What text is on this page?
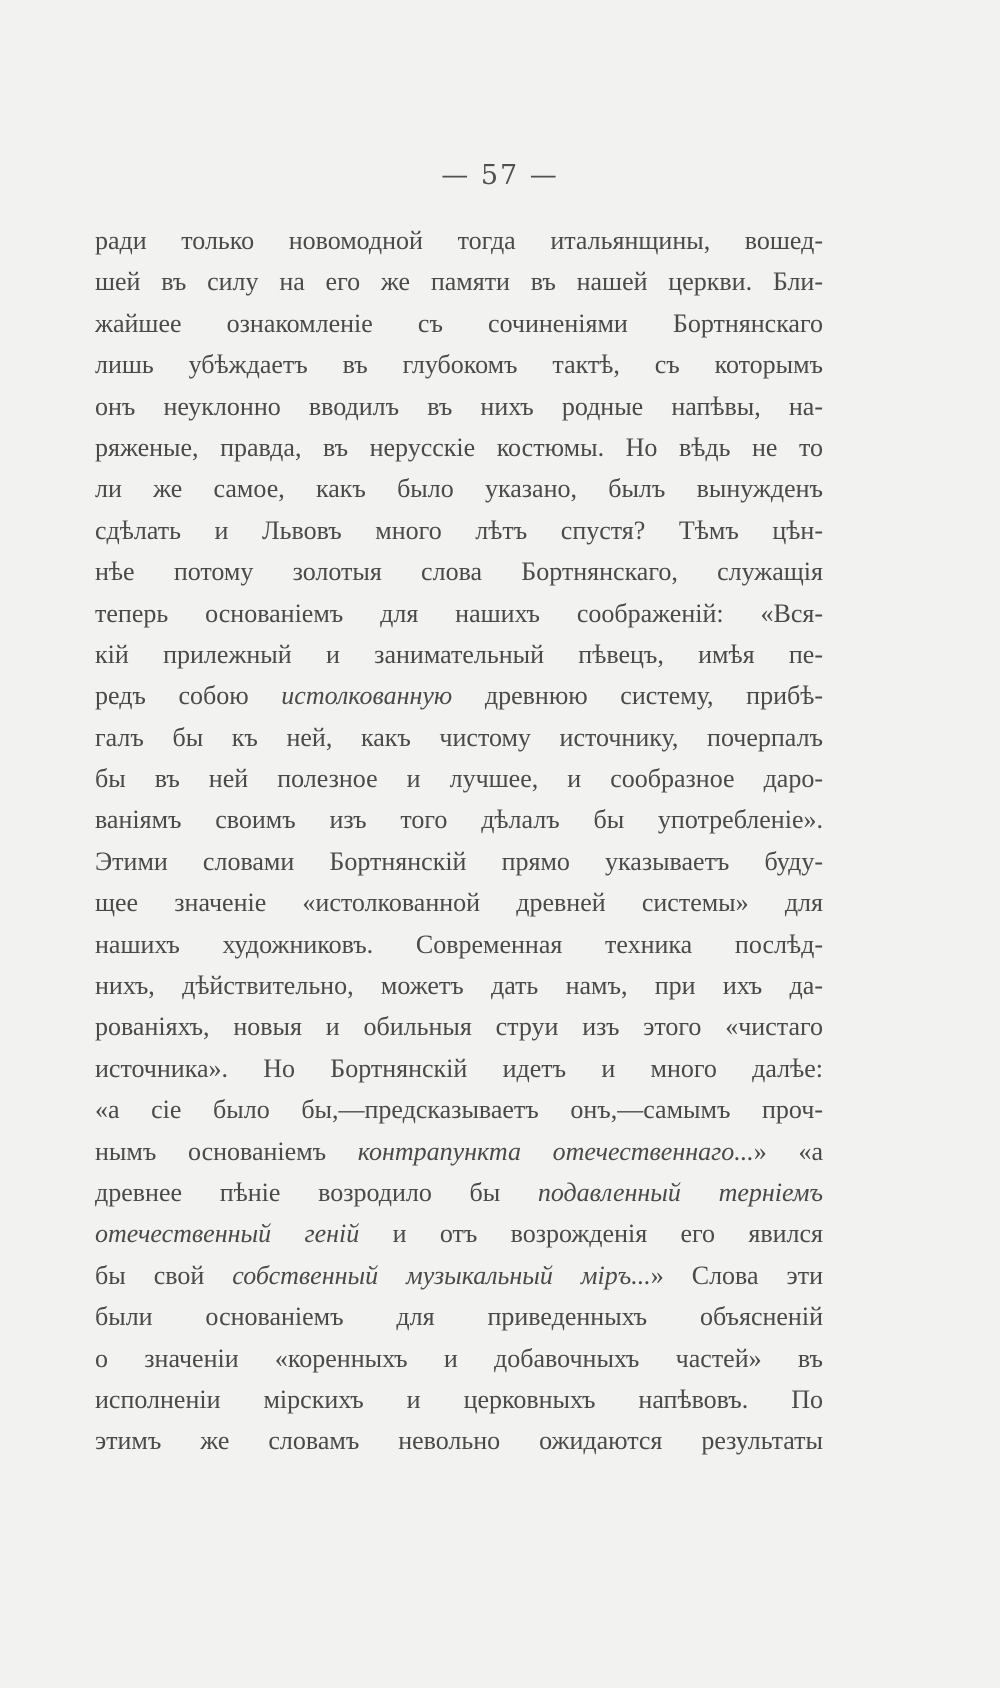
— 57 —
ради только новомодной тогда итальянщины, вошед-
шей въ силу на его же памяти въ нашей церкви. Бли-
жайшее ознакомленіе съ сочиненіями Бортнянскаго
лишь убѣждаетъ въ глубокомъ тактѣ, съ которымъ
онъ неуклонно вводилъ въ нихъ родные напѣвы, на-
ряженые, правда, въ нерусскіе костюмы. Но вѣдь не то
ли же самое, какъ было указано, былъ вынужденъ
сдѣлать и Львовъ много лѣтъ спустя? Тѣмъ цѣн-
нѣе потому золотыя слова Бортнянскаго, служащія
теперь основаніемъ для нашихъ соображеній: «Вся-
кій прилежный и занимательный пѣвецъ, имѣя пе-
редъ собою истолкованную древнюю систему, прибѣ-
галъ бы къ ней, какъ чистому источнику, почерпалъ
бы въ ней полезное и лучшее, и сообразное даро-
ваніямъ своимъ изъ того дѣлалъ бы употребленіе».
Этими словами Бортнянскій прямо указываетъ буду-
щее значеніе «истолкованной древней системы» для
нашихъ художниковъ. Современная техника послѣд-
нихъ, дѣйствительно, можетъ дать намъ, при ихъ да-
рованіяхъ, новыя и обильныя струи изъ этого «чистаго
источника». Но Бортнянскій идетъ и много далѣе:
«а сіе было бы,—предсказываетъ онъ,—самымъ проч-
нымъ основаніемъ контрапункта отечественнаго...» «а
древнее пѣніе возродило бы подавленный терніемъ
отечественный геній и отъ возрожденія его явился
бы свой собственный музыкальный міръ...» Слова эти
были основаніемъ для приведенныхъ объясненій
о значеніи «коренныхъ и добавочныхъ частей» въ
исполненіи мірскихъ и церковныхъ напѣвовъ. По
этимъ же словамъ невольно ожидаются результаты
